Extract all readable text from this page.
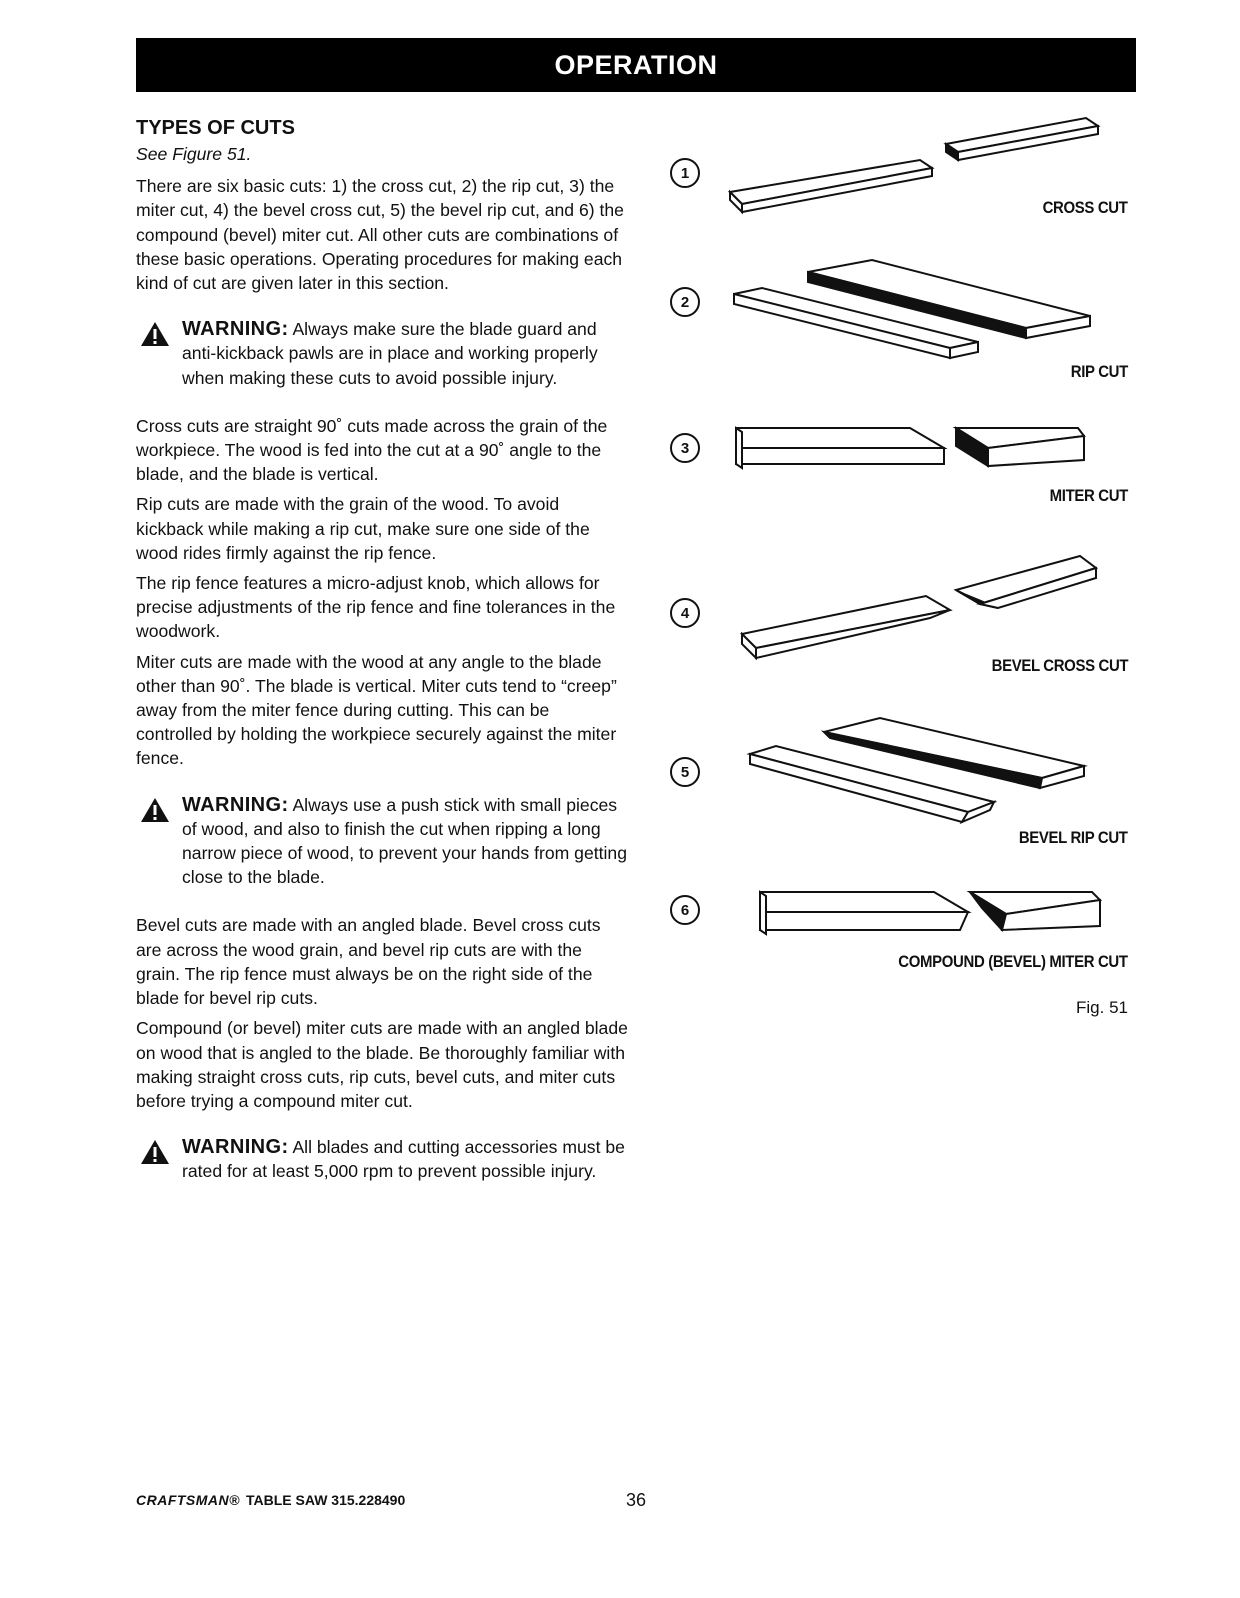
OPERATION
TYPES OF CUTS

See Figure 51.

There are six basic cuts: 1) the cross cut, 2) the rip cut, 3) the miter cut, 4) the bevel cross cut, 5) the bevel rip cut, and 6) the compound (bevel) miter cut. All other cuts are combinations of these basic operations. Operating procedures for making each kind of cut are given later in this section.

WARNING: Always make sure the blade guard and anti-kickback pawls are in place and working properly when making these cuts to avoid possible injury.

Cross cuts are straight 90˚ cuts made across the grain of the workpiece. The wood is fed into the cut at a 90˚ angle to the blade, and the blade is vertical.

Rip cuts are made with the grain of the wood. To avoid kickback while making a rip cut, make sure one side of the wood rides firmly against the rip fence.

The rip fence features a micro-adjust knob, which allows for precise adjustments of the rip fence and fine tolerances in the woodwork.

Miter cuts are made with the wood at any angle to the blade other than 90˚. The blade is vertical. Miter cuts tend to “creep” away from the miter fence during cutting. This can be controlled by holding the workpiece securely against the miter fence.

WARNING: Always use a push stick with small pieces of wood, and also to finish the cut when ripping a long narrow piece of wood, to prevent your hands from getting close to the blade.

Bevel cuts are made with an angled blade. Bevel cross cuts are across the wood grain, and bevel rip cuts are with the grain. The rip fence must always be on the right side of the blade for bevel rip cuts.

Compound (or bevel) miter cuts are made with an angled blade on wood that is angled to the blade. Be thoroughly familiar with making straight cross cuts, rip cuts, bevel cuts, and miter cuts before trying a compound miter cut.

WARNING: All blades and cutting accessories must be rated for at least 5,000 rpm to prevent possible injury.
1
CROSS CUT
2
RIP CUT
3
MITER CUT
4
BEVEL CROSS CUT
5
BEVEL RIP CUT
6
COMPOUND (BEVEL) MITER CUT
Fig. 51
CRAFTSMAN® TABLE SAW 315.228490	36
